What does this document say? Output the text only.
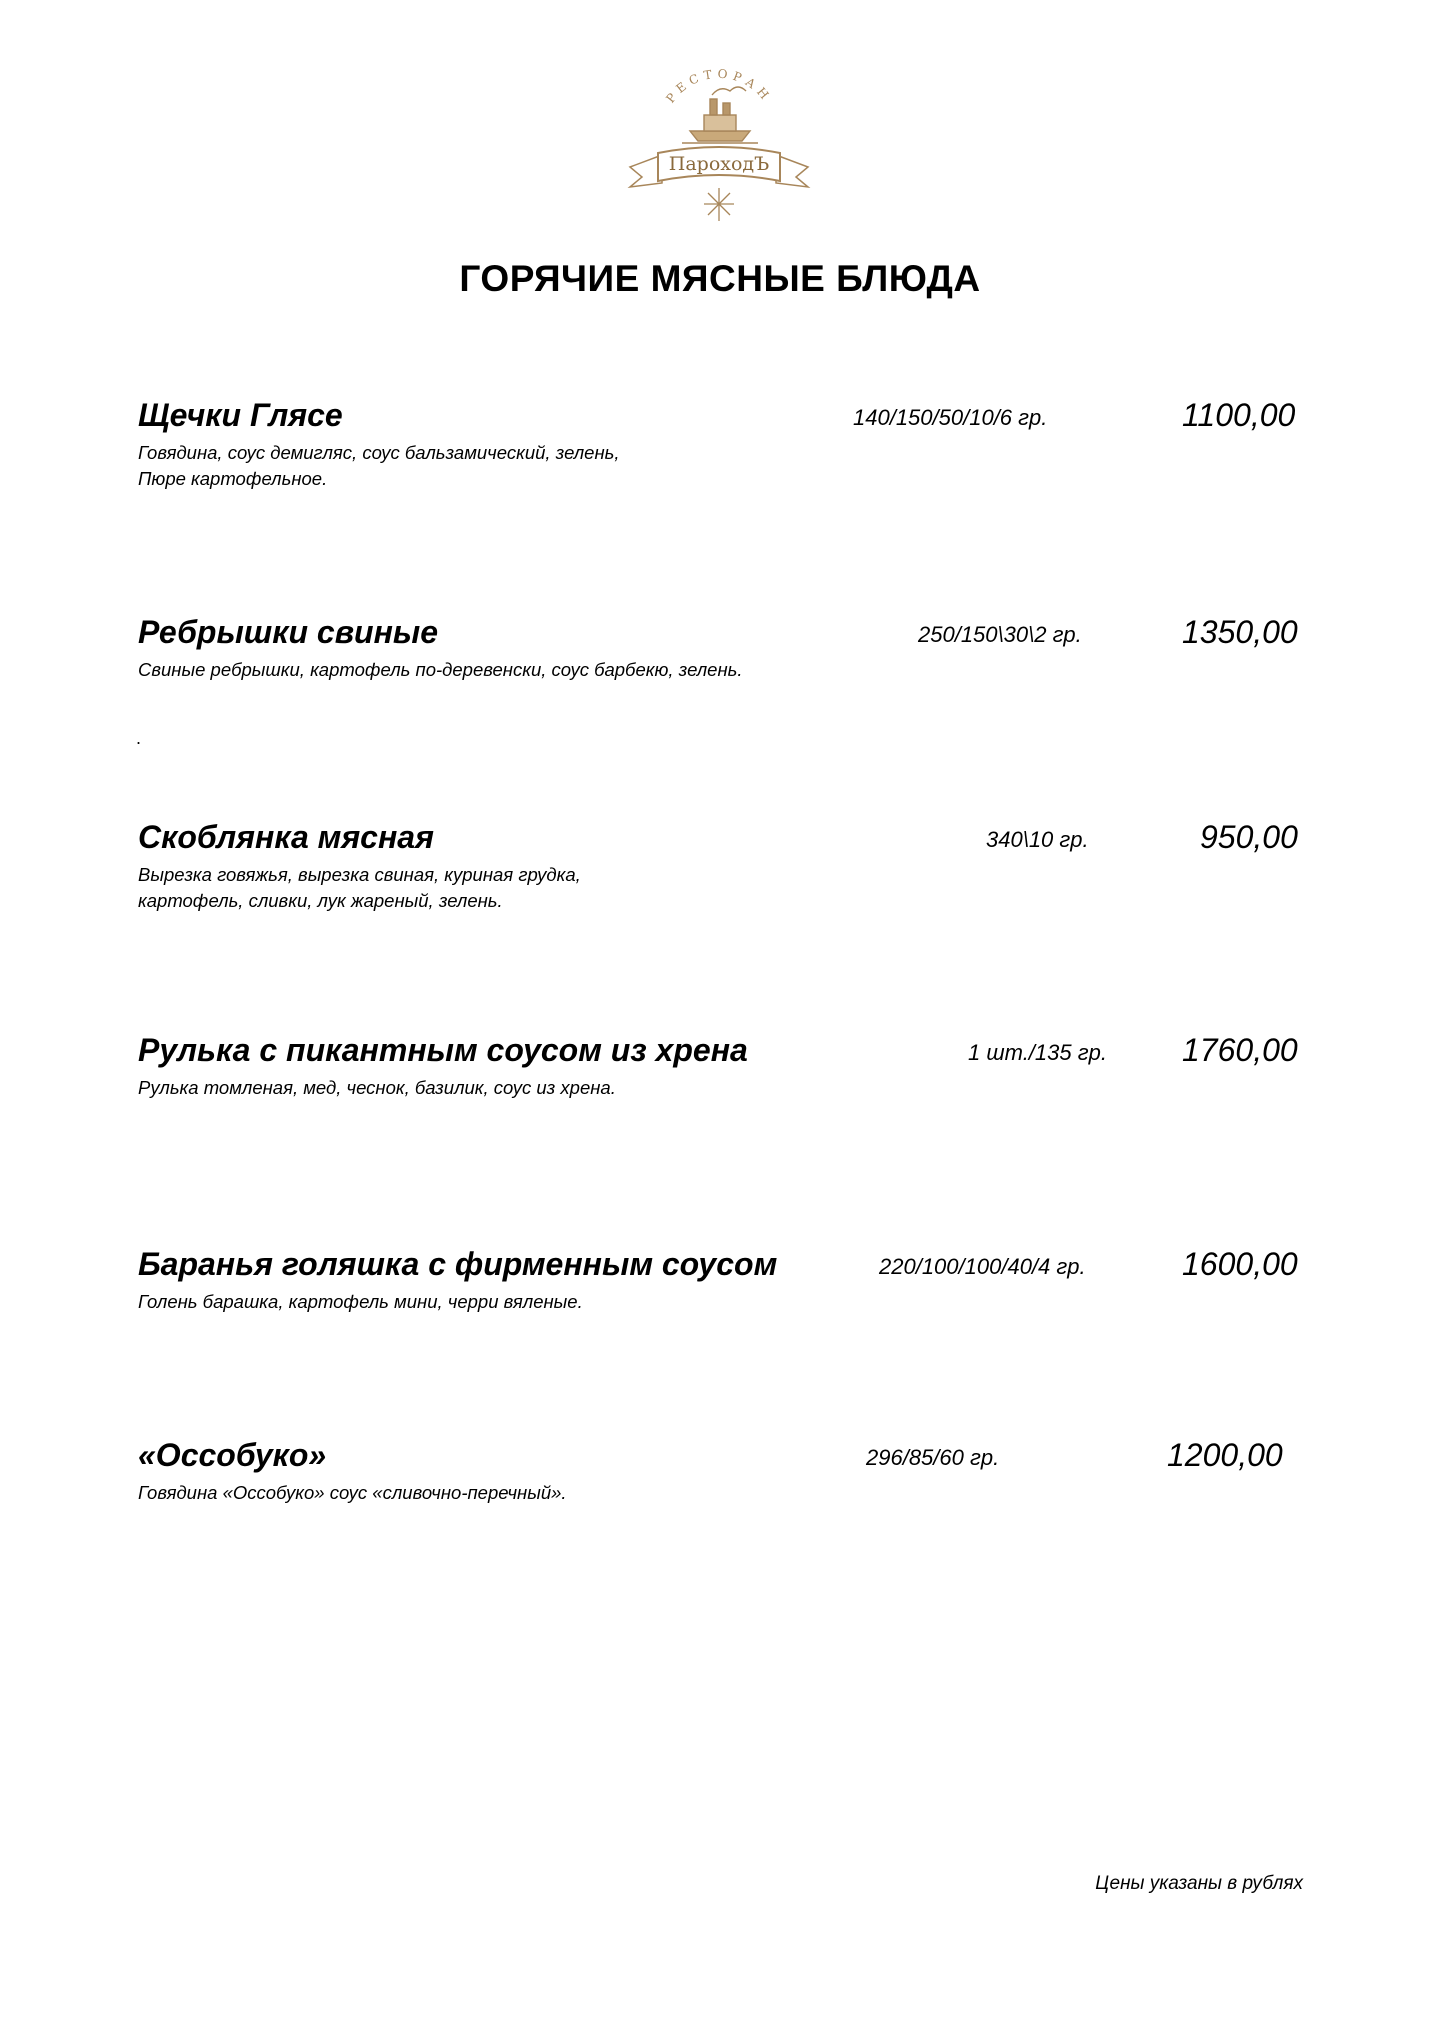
РЕСТОРАН
ПароходЪ
ГОРЯЧИЕ МЯСНЫЕ БЛЮДА
Щечки Глясе	140/150/50/10/6 гр.	1100,00
Говядина, соус демигляс, соус бальзамический, зелень,
Пюре картофельное.
Ребрышки свиные	250/150\30\2 гр.	1350,00
Свиные ребрышки, картофель по-деревенски, соус барбекю, зелень.
.
Скоблянка мясная	340\10 гр.	950,00
Вырезка говяжья, вырезка свиная, куриная грудка,
картофель, сливки, лук жареный, зелень.
Рулька с пикантным соусом из хрена	1 шт./135 гр. 1760,00
Рулька томленая, мед, чеснок, базилик, соус из хрена.
Баранья голяшка с фирменным соусом	220/100/100/40/4 гр.	1600,00
Голень барашка, картофель мини, черри вяленые.
«Оссобуко»	296/85/60 гр.	1200,00
Говядина «Оссобуко» соус «сливочно-перечный».
Цены указаны в рублях
